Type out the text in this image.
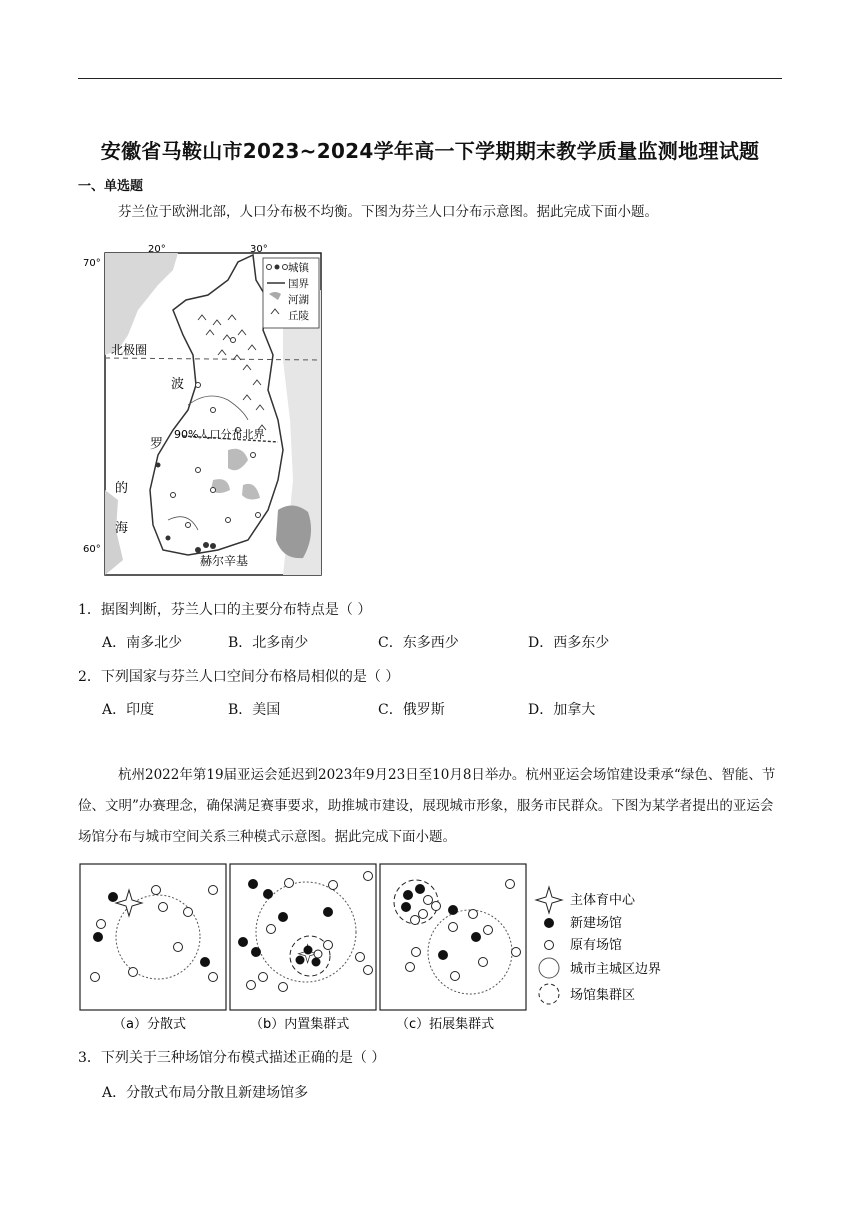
安徽省马鞍山市2023~2024学年高一下学期期末教学质量监测地理试题
一、单选题
芬兰位于欧洲北部，人口分布极不均衡。下图为芬兰人口分布示意图。据此完成下面小题。
20°	30°
70°
60°
北极圈
波
罗
的
海
90%人口分布北界
赫尔辛基
城镇
国界
河湖
丘陵
1．据图判断，芬兰人口的主要分布特点是（ ）
A．南多北少	B．北多南少	C．东多西少	D．西多东少
2．下列国家与芬兰人口空间分布格局相似的是（ ）
A．印度	B．美国	C．俄罗斯	D．加拿大
杭州2022年第19届亚运会延迟到2023年9月23日至10月8日举办。杭州亚运会场馆建设秉承“绿色、智能、节俭、文明”办赛理念，确保满足赛事要求，助推城市建设，展现城市形象，服务市民群众。下图为某学者提出的亚运会场馆分布与城市空间关系三种模式示意图。据此完成下面小题。
（a）分散式	（b）内置集群式	（c）拓展集群式
主体育中心
新建场馆
原有场馆
城市主城区边界
场馆集群区
3．下列关于三种场馆分布模式描述正确的是（ ）
A．分散式布局分散且新建场馆多
